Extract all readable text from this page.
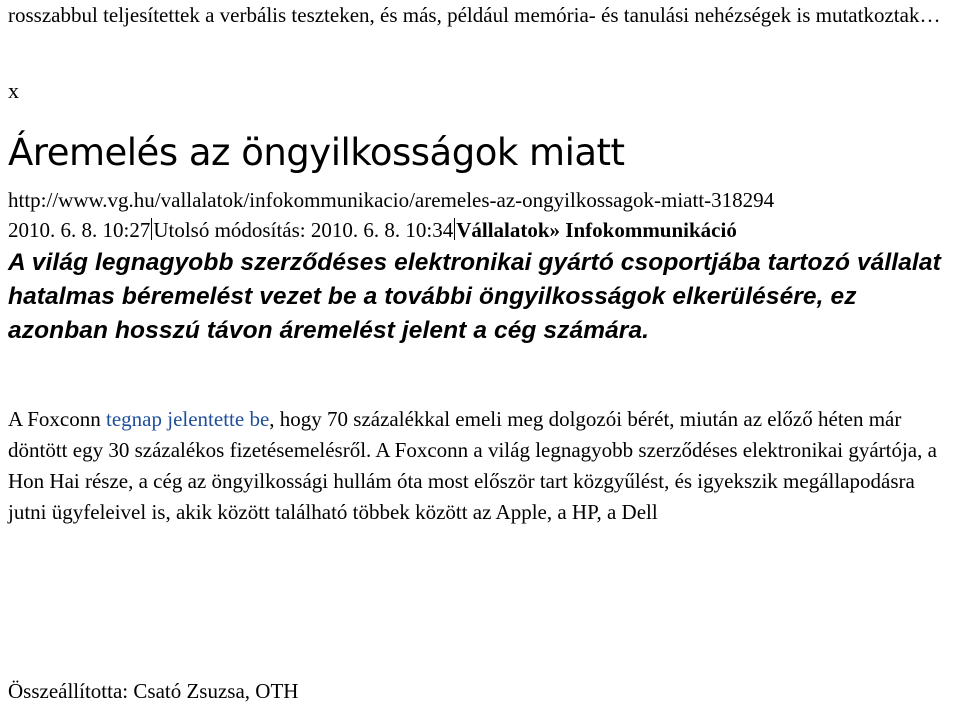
rosszabbul teljesítettek a verbális teszteken, és más, például memória- és tanulási nehézségek is mutatkoztak…
x
Áremelés az öngyilkosságok miatt
http://www.vg.hu/vallalatok/infokommunikacio/aremeles-az-ongyilkossagok-miatt-318294
2010. 6. 8. 10:27 Utolsó módosítás: 2010. 6. 8. 10:34 Vállalatok» Infokommunikáció
A világ legnagyobb szerződéses elektronikai gyártó csoportjába tartozó vállalat hatalmas béremelést vezet be a további öngyilkosságok elkerülésére, ez azonban hosszú távon áremelést jelent a cég számára.
A Foxconn tegnap jelentette be, hogy 70 százalékkal emeli meg dolgozói bérét, miután az előző héten már döntött egy 30 százalékos fizetésemelésről. A Foxconn a világ legnagyobb szerződéses elektronikai gyártója, a Hon Hai része, a cég az öngyilkossági hullám óta most először tart közgyűlést, és igyekszik megállapodásra jutni ügyfeleivel is, akik között található többek között az Apple, a HP, a Dell
Összeállította: Csató Zsuzsa, OTH
